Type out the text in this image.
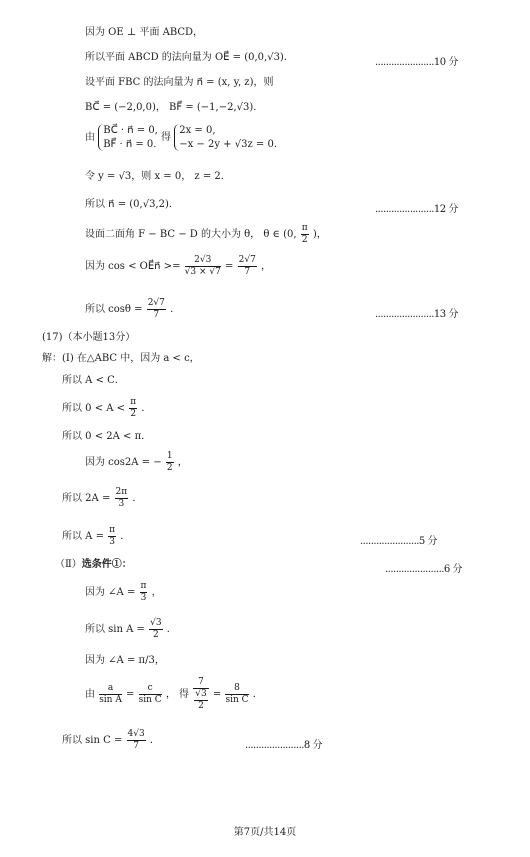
因为 OE ⊥ 平面 ABCD，
所以平面 ABCD 的法向量为 OE⃗ = (0,0,√3)．	......................10 分
设平面 FBC 的法向量为 n⃗ = (x, y, z)，则
BC⃗ = (−2,0,0)， BF⃗ = (−1,−2,√3)．
由
BC⃗ · n⃗ = 0,
BF⃗ · n⃗ = 0.
得
2x = 0,
−x − 2y + √3z = 0.
令 y = √3，则 x = 0， z = 2．
所以 n⃗ = (0,√3,2)．	......................12 分
设面二面角 F − BC − D 的大小为 θ， θ ∈ (0, $\frac{\pi}{2}$ )，
因为 cos < OE⃗n⃗ >= $\frac{2√3}{√3 \times √7} = \frac{2√7}{7}$ ，
所以 $\cos\theta = \frac{2√7}{7}$ ．	......................13 分
(17)（本小题13分）
解：(Ⅰ) 在△ABC 中，因为 a < c，
所以 A < C．
所以 $0 < A < \frac{\pi}{2}$ ．
所以 0 < 2A < π．
因为 cos2A = − $\frac{1}{2}$ ，
所以 $2A = \frac{2\pi}{3}$ ．
所以 $A = \frac{\pi}{3}$ ．	......................5 分
（Ⅱ）选条件①：	......................6 分
因为 ∠A = $\frac{\pi}{3}$ ，
所以 $\sin A = \frac{√3}{2}$ ．
因为 ∠A = π/3，
由 $\frac{a}{\text{sin A}} = \frac{c}{\text{sin C}}$ ， 得 $\frac{7}{\frac{√3}{2}} = \frac{8}{\text{sin C}}$ ．
所以 $\sin C = \frac{4√3}{7}$ ．	......................8 分
第7页/共14页
